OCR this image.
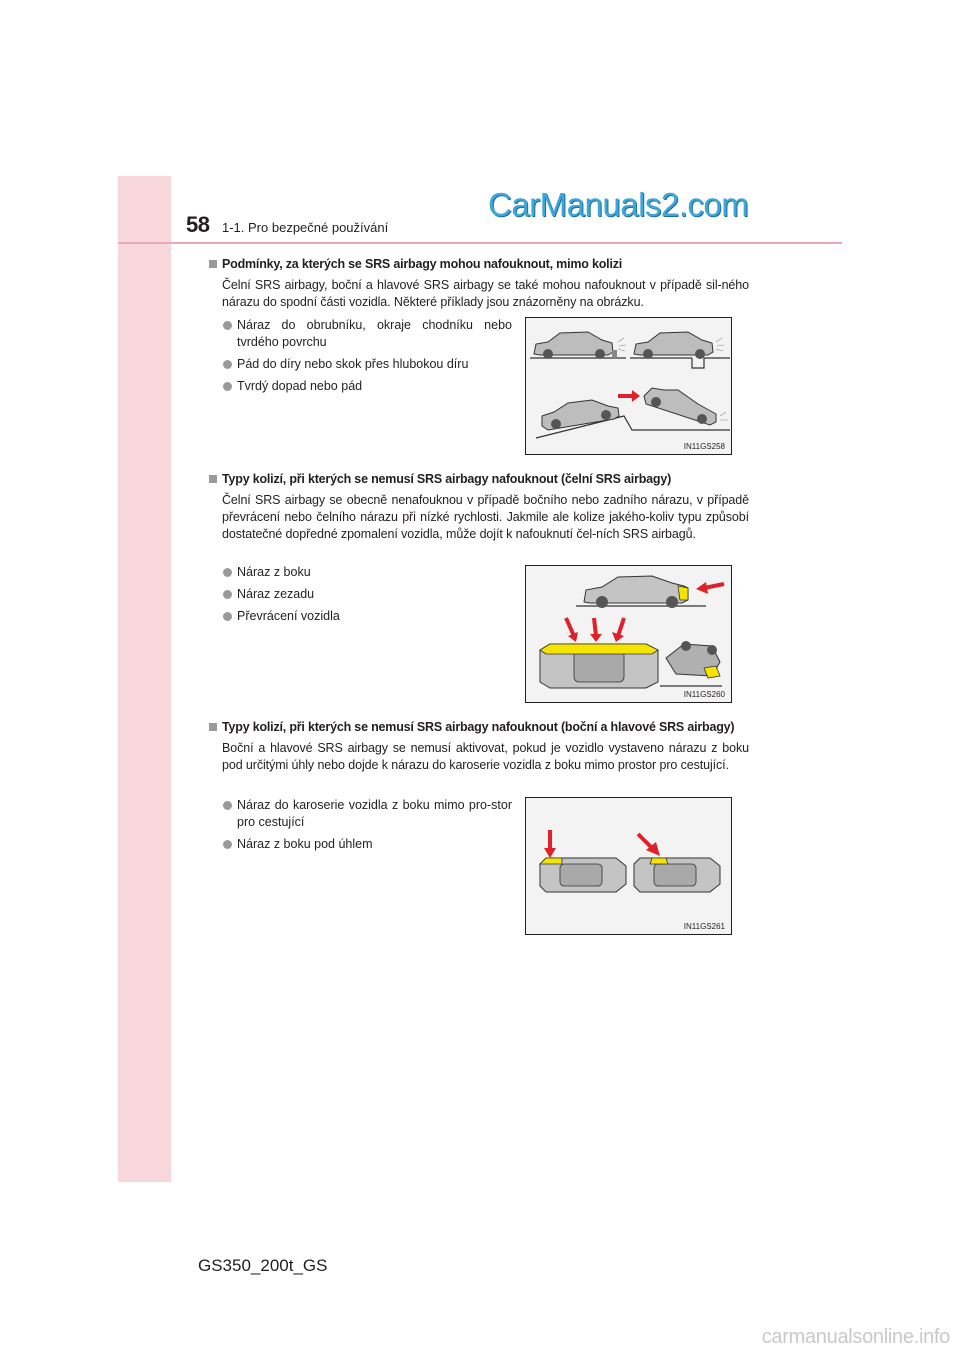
58 1-1. Pro bezpečné používání
CarManuals2.com
Podmínky, za kterých se SRS airbagy mohou nafouknout, mimo kolizi
Čelní SRS airbagy, boční a hlavové SRS airbagy se také mohou nafouknout v případě sil-ného nárazu do spodní části vozidla. Některé příklady jsou znázorněny na obrázku.
Náraz do obrubníku, okraje chodníku nebo tvrdého povrchu
Pád do díry nebo skok přes hlubokou díru
Tvrdý dopad nebo pád
IN11GS258
Typy kolizí, při kterých se nemusí SRS airbagy nafouknout (čelní SRS airbagy)
Čelní SRS airbagy se obecně nenafouknou v případě bočního nebo zadního nárazu, v případě převrácení nebo čelního nárazu při nízké rychlosti. Jakmile ale kolize jakého-koliv typu způsobí dostatečné dopředné zpomalení vozidla, může dojít k nafouknutí čel-ních SRS airbagů.
Náraz z boku
Náraz zezadu
Převrácení vozidla
IN11GS260
Typy kolizí, při kterých se nemusí SRS airbagy nafouknout (boční a hlavové SRS airbagy)
Boční a hlavové SRS airbagy se nemusí aktivovat, pokud je vozidlo vystaveno nárazu z boku pod určitými úhly nebo dojde k nárazu do karoserie vozidla z boku mimo prostor pro cestující.
Náraz do karoserie vozidla z boku mimo pro-stor pro cestující
Náraz z boku pod úhlem
IN11GS261
GS350_200t_GS
carmanualsonline.info
